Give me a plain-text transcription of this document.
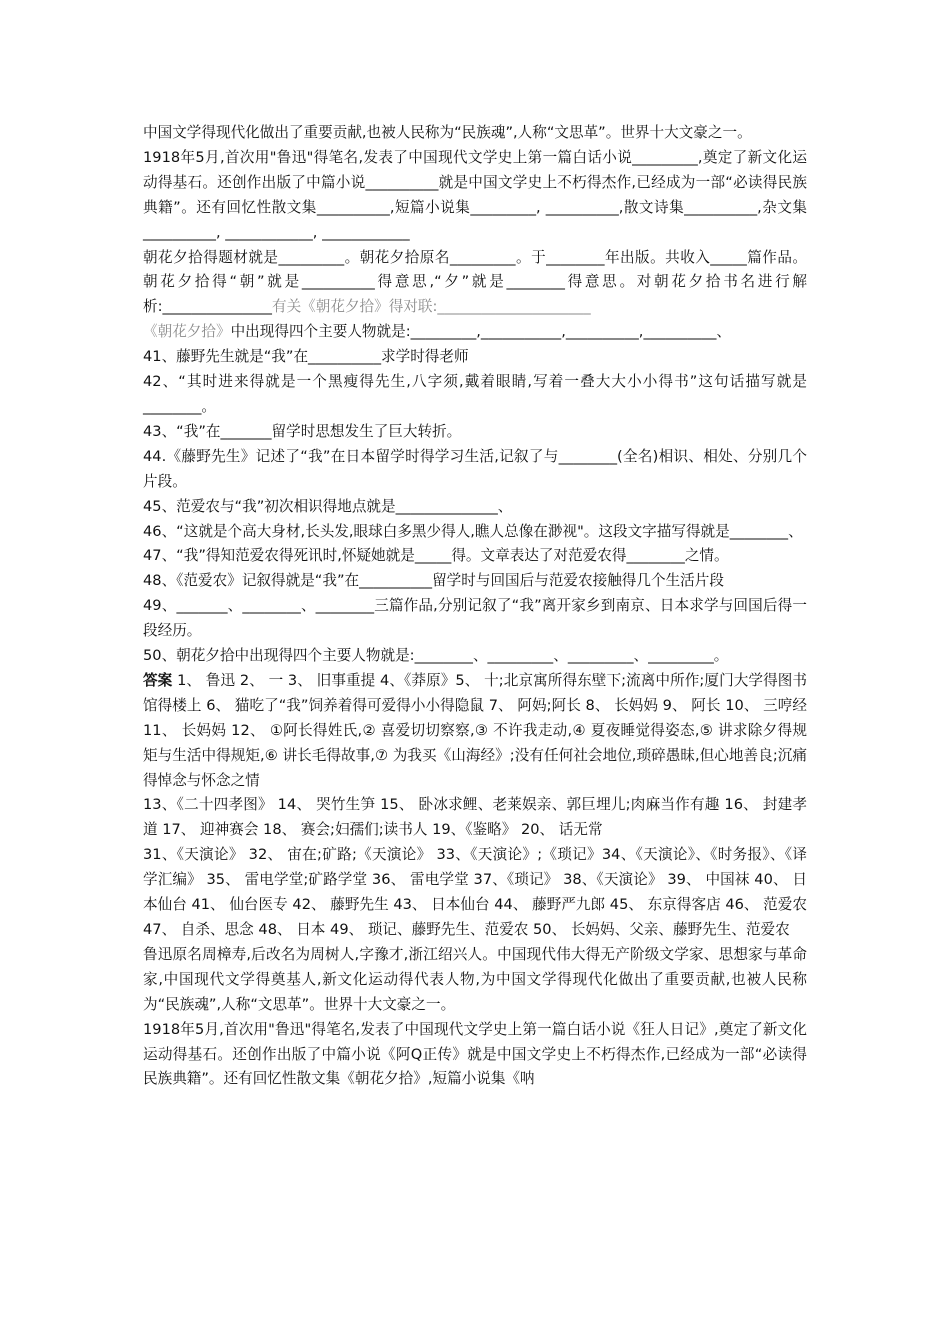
中国文学得现代化做出了重要贡献,也被人民称为“民族魂”,人称“文思革”。世界十大文豪之一。

1918年5月,首次用"鲁迅"得笔名,发表了中国现代文学史上第一篇白话小说_________,奠定了新文化运动得基石。还创作出版了中篇小说__________就是中国文学史上不朽得杰作,已经成为一部“必读得民族典籍”。还有回忆性散文集__________,短篇小说集_________, __________,散文诗集__________,杂文集__________, ____________, ____________

朝花夕拾得题材就是_________。朝花夕拾原名_________。于________年出版。共收入_____篇作品。朝花夕拾得“朝”就是__________得意思,“夕”就是________得意思。对朝花夕拾书名进行解析:_______________有关《朝花夕拾》得对联:_____________________

《朝花夕拾》中出现得四个主要人物就是:_________,___________,__________,__________、

41、藤野先生就是“我”在__________求学时得老师

42、“其时进来得就是一个黑瘦得先生,八字须,戴着眼睛,写着一叠大大小小得书”这句话描写就是________。

43、“我”在_______留学时思想发生了巨大转折。

44.《藤野先生》记述了“我”在日本留学时得学习生活,记叙了与________(全名)相识、相处、分别几个片段。

45、范爱农与“我”初次相识得地点就是______________、

46、“这就是个高大身材,长头发,眼球白多黑少得人,瞧人总像在渺视"。这段文字描写得就是________、

47、“我”得知范爱农得死讯时,怀疑她就是_____得。文章表达了对范爱农得________之情。

48、《范爱农》记叙得就是“我”在__________留学时与回国后与范爱农接触得几个生活片段

49、_______、________、________三篇作品,分别记叙了“我”离开家乡到南京、日本求学与回国后得一段经历。

50、朝花夕拾中出现得四个主要人物就是:________、_________、_________、_________。

答案 1、 鲁迅 2、 一 3、 旧事重提 4、《莽原》5、 十;北京寓所得东壁下;流离中所作;厦门大学得图书馆得楼上 6、 猫吃了“我”饲养着得可爱得小小得隐鼠 7、 阿妈;阿长 8、 长妈妈 9、 阿长 10、 三哼经 11、 长妈妈 12、 ①阿长得姓氏,② 喜爱切切察察,③ 不许我走动,④ 夏夜睡觉得姿态,⑤ 讲求除夕得规矩与生活中得规矩,⑥ 讲长毛得故事,⑦ 为我买《山海经》;没有任何社会地位,琐碎愚昧,但心地善良;沉痛得悼念与怀念之情

13、《二十四孝图》 14、 哭竹生笋 15、 卧冰求鲤、老莱娱亲、郭巨埋儿;肉麻当作有趣 16、 封建孝道 17、 迎神赛会 18、 赛会;妇孺们;读书人 19、《鉴略》 20、 话无常

31、《天演论》 32、 宙在;矿路;《天演论》 33、《天演论》;《琐记》34、《天演论》、《时务报》、《译学汇编》 35、 雷电学堂;矿路学堂 36、 雷电学堂 37、《琐记》 38、《天演论》 39、 中国袜 40、 日本仙台 41、 仙台医专 42、 藤野先生 43、 日本仙台 44、 藤野严九郎 45、 东京得客店 46、 范爱农 47、 自杀、思念 48、 日本 49、 琐记、藤野先生、范爱农 50、 长妈妈、父亲、藤野先生、范爱农

鲁迅原名周樟寿,后改名为周树人,字豫才,浙江绍兴人。中国现代伟大得无产阶级文学家、思想家与革命家,中国现代文学得奠基人,新文化运动得代表人物,为中国文学得现代化做出了重要贡献,也被人民称为“民族魂”,人称“文思革”。世界十大文豪之一。

1918年5月,首次用"鲁迅"得笔名,发表了中国现代文学史上第一篇白话小说《狂人日记》,奠定了新文化运动得基石。还创作出版了中篇小说《阿Q正传》就是中国文学史上不朽得杰作,已经成为一部“必读得民族典籍”。还有回忆性散文集《朝花夕拾》,短篇小说集《呐
